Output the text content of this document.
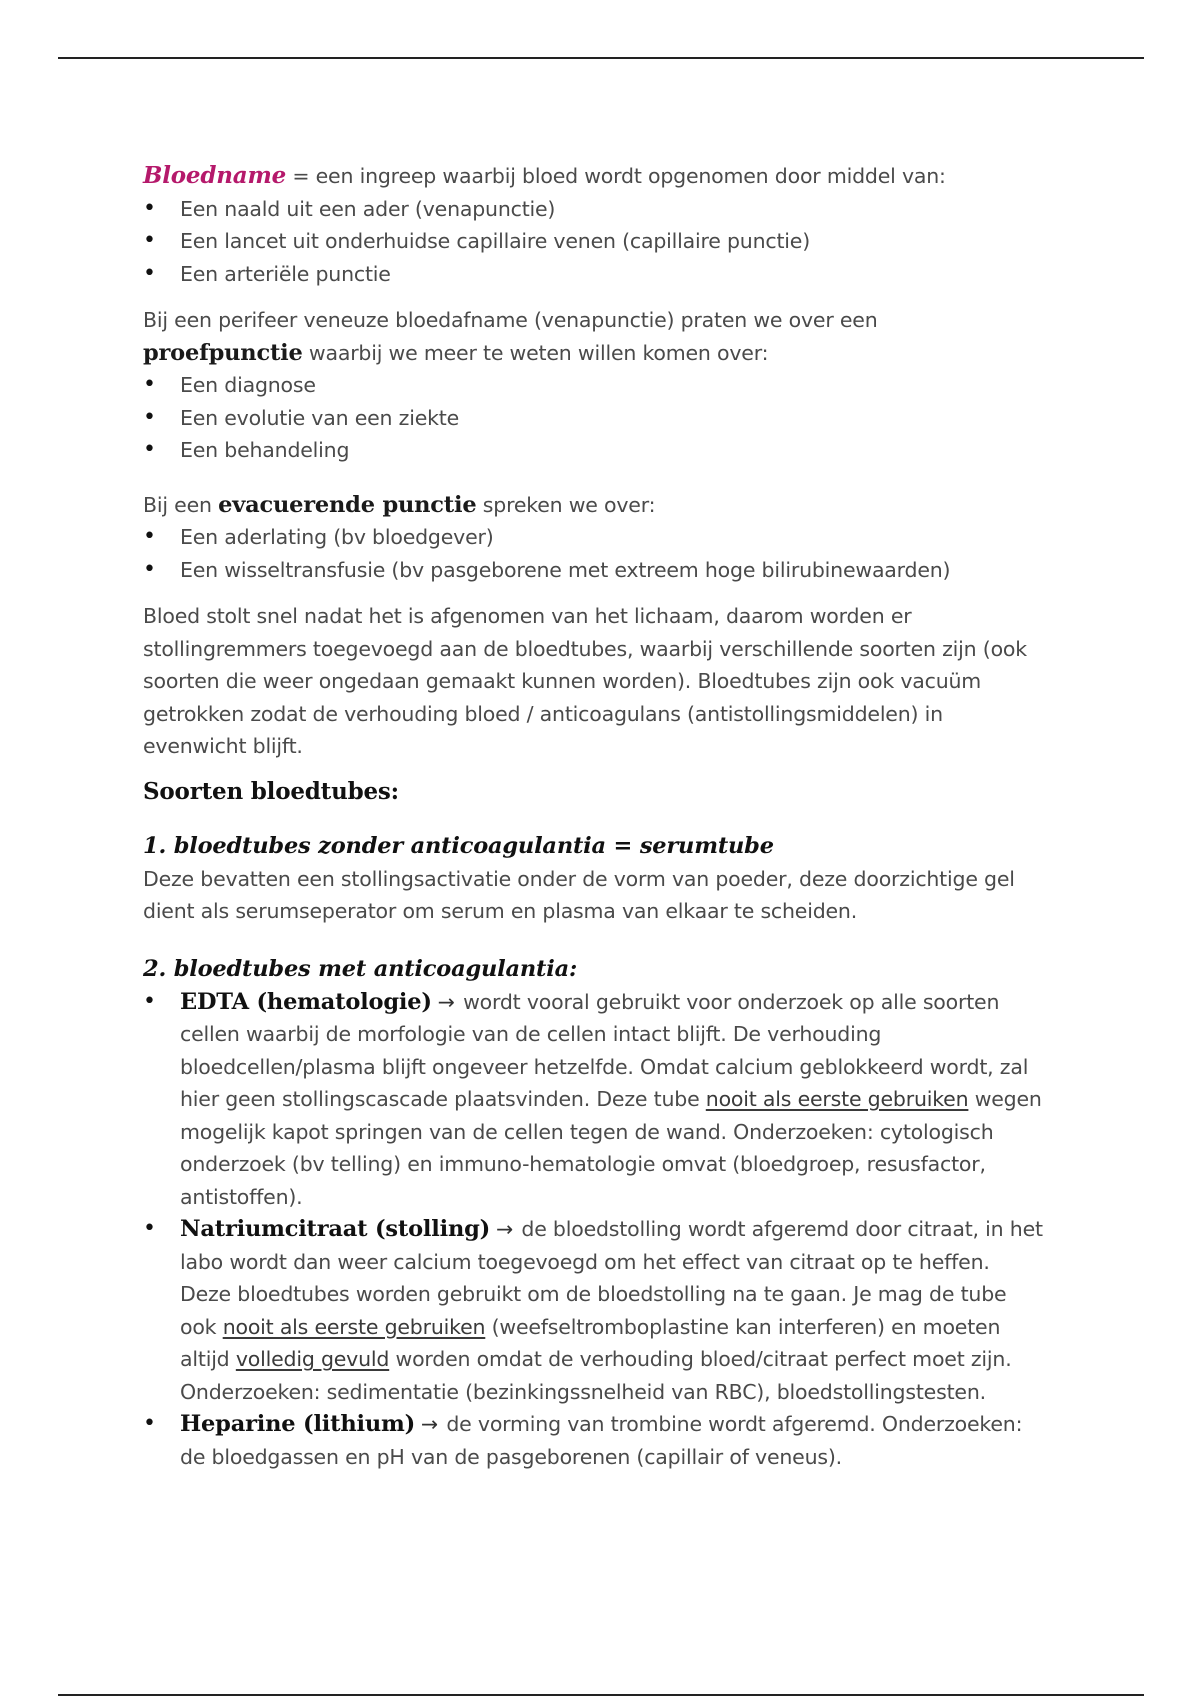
Bloedname = een ingreep waarbij bloed wordt opgenomen door middel van:

• Een naald uit een ader (venapunctie)
• Een lancet uit onderhuidse capillaire venen (capillaire punctie)
• Een arteriële punctie

Bij een perifeer veneuze bloedafname (venapunctie) praten we over een proefpunctie waarbij we meer te weten willen komen over:

• Een diagnose
• Een evolutie van een ziekte
• Een behandeling

Bij een evacuerende punctie spreken we over:

• Een aderlating (bv bloedgever)
• Een wisseltransfusie (bv pasgeborene met extreem hoge bilirubinewaarden)

Bloed stolt snel nadat het is afgenomen van het lichaam, daarom worden er stollingremmers toegevoegd aan de bloedtubes, waarbij verschillende soorten zijn (ook soorten die weer ongedaan gemaakt kunnen worden). Bloedtubes zijn ook vacuüm getrokken zodat de verhouding bloed / anticoagulans (antistollingsmiddelen) in evenwicht blijft.

Soorten bloedtubes:
1. bloedtubes zonder anticoagulantia = serumtube

Deze bevatten een stollingsactivatie onder de vorm van poeder, deze doorzichtige gel dient als serumseperator om serum en plasma van elkaar te scheiden.

2. bloedtubes met anticoagulantia:
• EDTA (hematologie) → wordt vooral gebruikt voor onderzoek op alle soorten cellen waarbij de morfologie van de cellen intact blijft. De verhouding bloedcellen/plasma blijft ongeveer hetzelfde. Omdat calcium geblokkeerd wordt, zal hier geen stollingscascade plaatsvinden. Deze tube nooit als eerste gebruiken wegen mogelijk kapot springen van de cellen tegen de wand. Onderzoeken: cytologisch onderzoek (bv telling) en immuno-hematologie omvat (bloedgroep, resusfactor, antistoffen).
• Natriumcitraat (stolling) → de bloedstolling wordt afgeremd door citraat, in het labo wordt dan weer calcium toegevoegd om het effect van citraat op te heffen. Deze bloedtubes worden gebruikt om de bloedstolling na te gaan. Je mag de tube ook nooit als eerste gebruiken (weefseltromboplastine kan interferen) en moeten altijd volledig gevuld worden omdat de verhouding bloed/citraat perfect moet zijn. Onderzoeken: sedimentatie (bezinkingssnelheid van RBC), bloedstollingstesten.
• Heparine (lithium) → de vorming van trombine wordt afgeremd. Onderzoeken: de bloedgassen en pH van de pasgeborenen (capillair of veneus).
